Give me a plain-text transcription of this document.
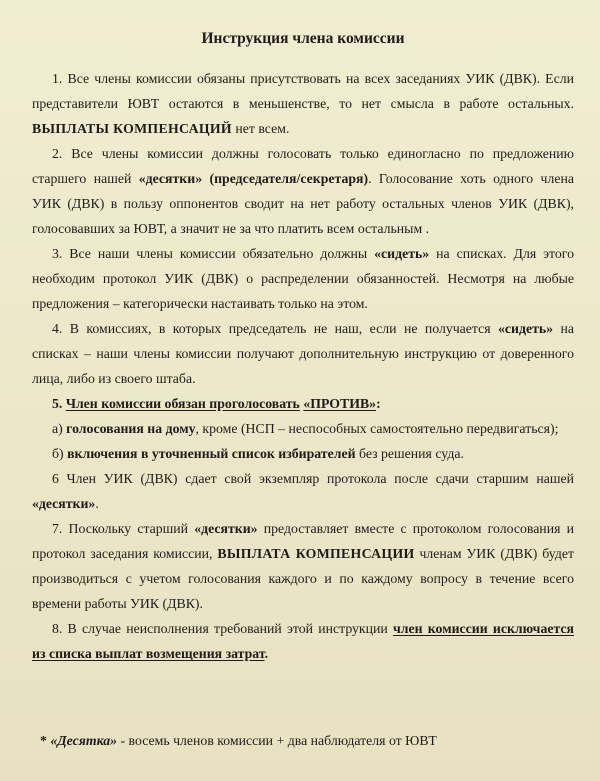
Инструкция члена комиссии

1. Все члены комиссии обязаны присутствовать на всех заседаниях УИК (ДВК). Если представители ЮВТ остаются в меньшенстве, то нет смысла в работе остальных. ВЫПЛАТЫ КОМПЕНСАЦИЙ нет всем.

2. Все члены комиссии должны голосовать только единогласно по предложению старшего нашей «десятки» (председателя/секретаря). Голосование хоть одного члена УИК (ДВК) в пользу оппонентов сводит на нет работу остальных членов УИК (ДВК), голосовавших за ЮВТ, а значит не за что платить всем остальным .

3. Все наши члены комиссии обязательно должны «сидеть» на списках. Для этого необходим протокол УИК (ДВК) о распределении обязанностей. Несмотря на любые предложения – категорически настаивать только на этом.

4. В комиссиях, в которых председатель не наш, если не получается «сидеть» на списках – наши члены комиссии получают дополнительную инструкцию от доверенного лица, либо из своего штаба.

5. Член комиссии обязан проголосовать «ПРОТИВ»:

а) голосования на дому, кроме (НСП – неспособных самостоятельно передвигаться);

б) включения в уточненный список избирателей без решения суда.

6 Член УИК (ДВК) сдает свой экземпляр протокола после сдачи старшим нашей «десятки».

7. Поскольку старший «десятки» предоставляет вместе с протоколом голосования и протокол заседания комиссии, ВЫПЛАТА КОМПЕНСАЦИИ членам УИК (ДВК) будет производиться с учетом голосования каждого и по каждому вопросу в течение всего времени работы УИК (ДВК).

8. В случае неисполнения требований этой инструкции член комиссии исключается из списка выплат возмещения затрат.

* «Десятка» - восемь членов комиссии + два наблюдателя от ЮВТ
